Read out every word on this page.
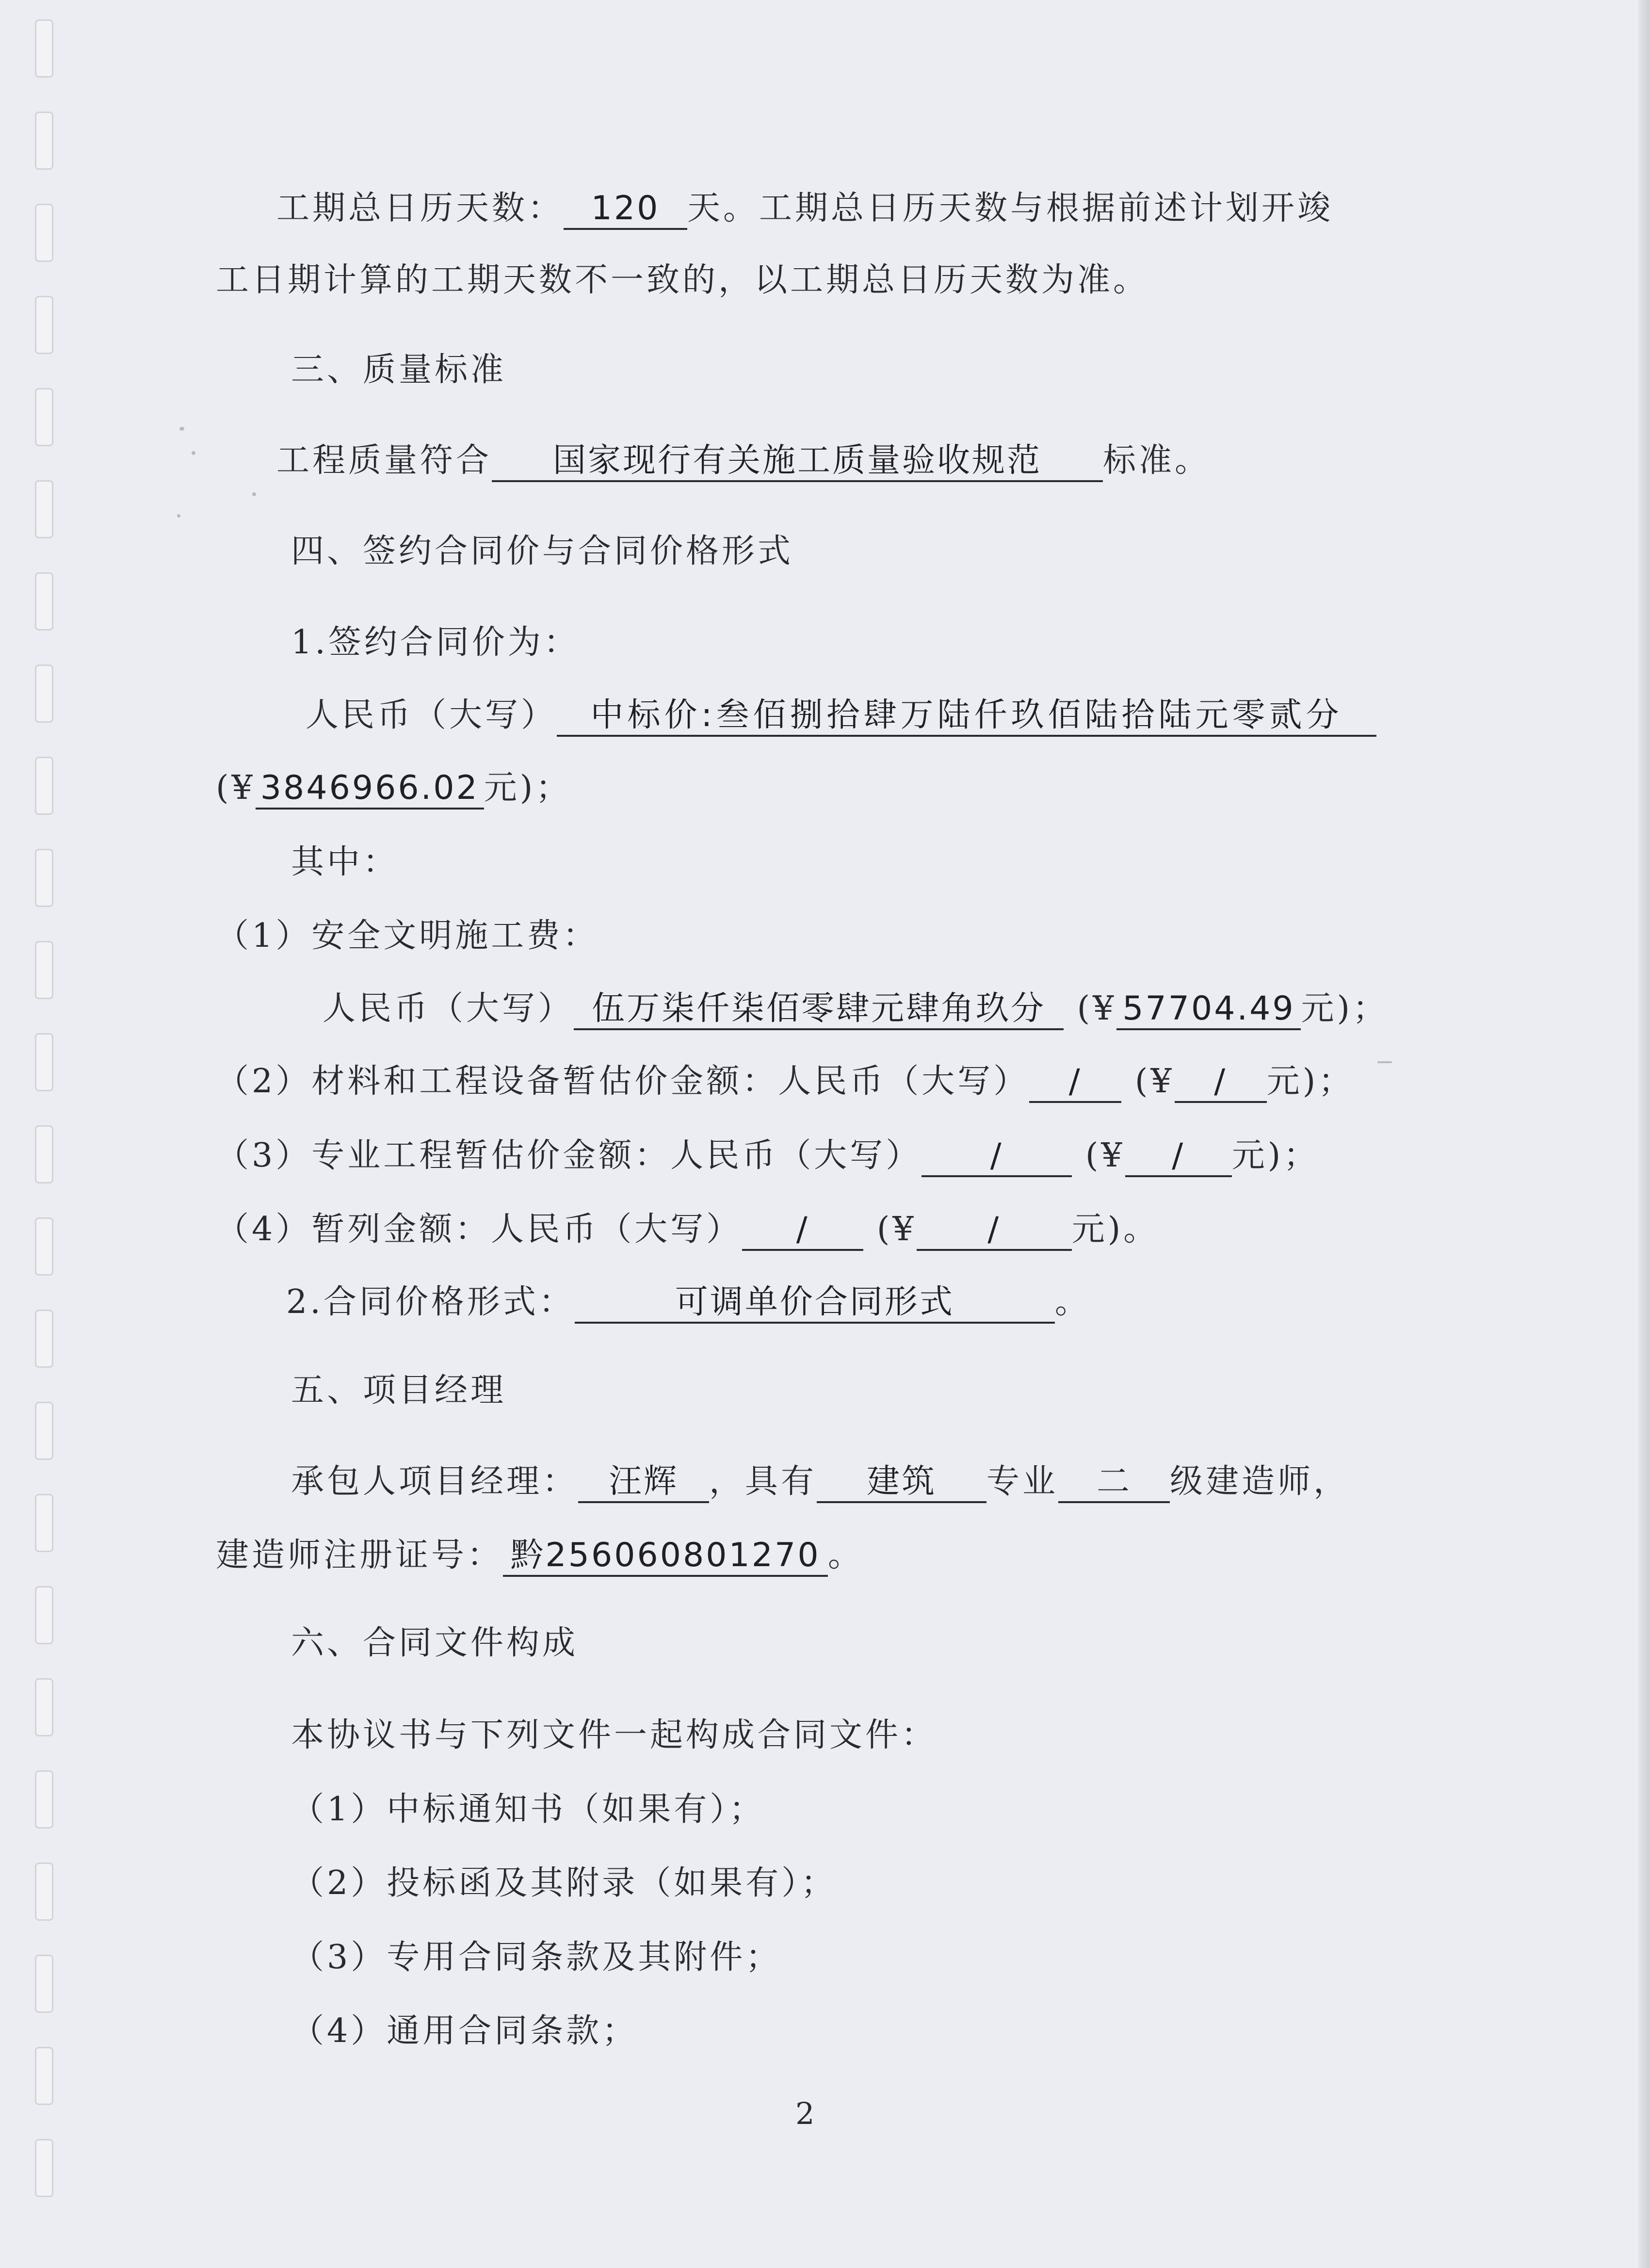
工期总日历天数： 120 天。工期总日历天数与根据前述计划开竣
工日期计算的工期天数不一致的，以工期总日历天数为准。
三、质量标准
工程质量符合 国家现行有关施工质量验收规范 标准。
四、签约合同价与合同价格形式
1.签约合同价为：
人民币（大写） 中标价:叁佰捌拾肆万陆仟玖佰陆拾陆元零贰分
(¥ 3846966.02 元)；
其中：
（1）安全文明施工费：
人民币（大写） 伍万柒仟柒佰零肆元肆角玖分 (¥ 57704.49 元)；
（2）材料和工程设备暂估价金额：人民币（大写） / (¥ / 元)；
（3）专业工程暂估价金额：人民币（大写） / (¥ / 元)；
（4）暂列金额：人民币（大写） / (¥ / 元)。
2.合同价格形式：	可调单价合同形式	。
五、项目经理
承包人项目经理： 汪辉 ，具有 建筑 专业 二 级建造师，
建造师注册证号： 黔256060801270 。
六、合同文件构成
本协议书与下列文件一起构成合同文件：
（1）中标通知书（如果有）；
（2）投标函及其附录（如果有）；
（3）专用合同条款及其附件；
（4）通用合同条款；
2
